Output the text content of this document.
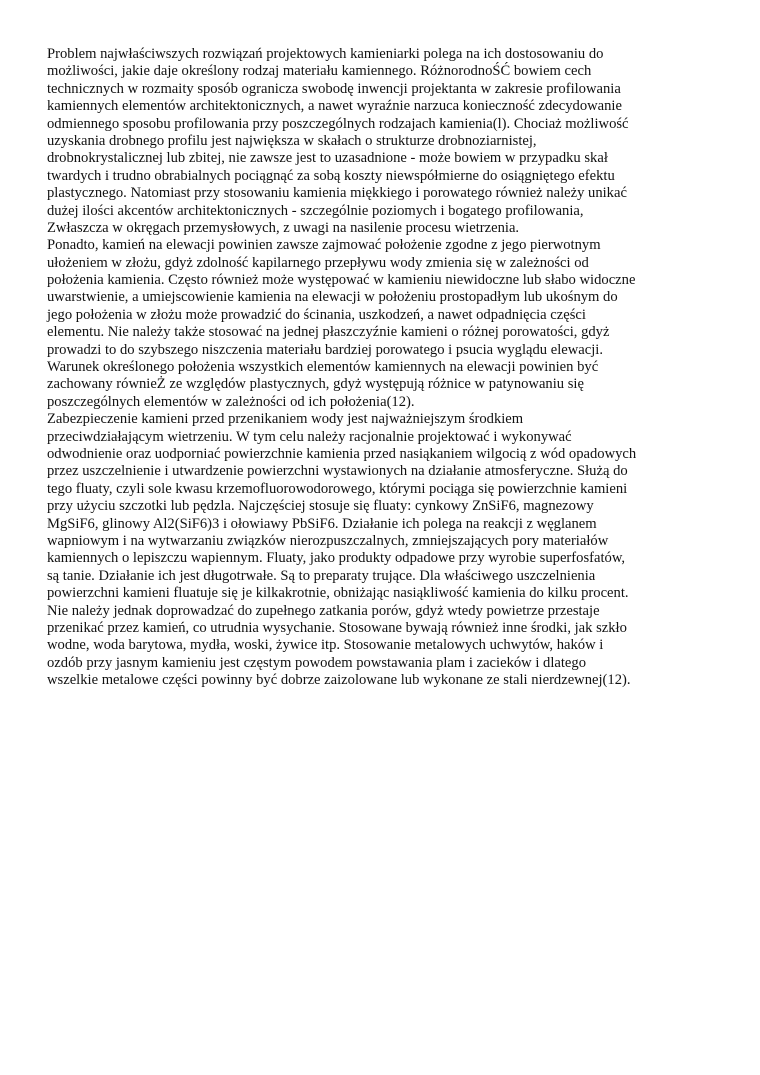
Problem najwłaściwszych rozwiązań projektowych kamieniarki polega na ich dostosowaniu do
możliwości, jakie daje określony rodzaj materiału kamiennego. RóżnorodnoŚĆ bowiem cech
technicznych w rozmaity sposób ogranicza swobodę inwencji projektanta w zakresie profilowania
kamiennych elementów architektonicznych, a nawet wyraźnie narzuca konieczność zdecydowanie
odmiennego sposobu profilowania przy poszczególnych rodzajach kamienia(l). Chociaż możliwość
uzyskania drobnego profilu jest największa w skałach o strukturze drobnoziarnistej,
drobnokrystalicznej lub zbitej, nie zawsze jest to uzasadnione - może bowiem w przypadku skał
twardych i trudno obrabialnych pociągnąć za sobą koszty niewspółmierne do osiągniętego efektu
plastycznego. Natomiast przy stosowaniu kamienia miękkiego i porowatego również należy unikać
dużej ilości akcentów architektonicznych - szczególnie poziomych i bogatego profilowania,
Zwłaszcza w okręgach przemysłowych, z uwagi na nasilenie procesu wietrzenia.
Ponadto, kamień na elewacji powinien zawsze zajmować położenie zgodne z jego pierwotnym
ułożeniem w złożu, gdyż zdolność kapilarnego przepływu wody zmienia się w zależności od
położenia kamienia. Często również może występować w kamieniu niewidoczne lub słabo widoczne
uwarstwienie, a umiejscowienie kamienia na elewacji w położeniu prostopadłym lub ukośnym do
jego położenia w złożu może prowadzić do ścinania, uszkodzeń, a nawet odpadnięcia części
elementu. Nie należy także stosować na jednej płaszczyźnie kamieni o różnej porowatości, gdyż
prowadzi to do szybszego niszczenia materiału bardziej porowatego i psucia wyglądu elewacji.
Warunek określonego położenia wszystkich elementów kamiennych na elewacji powinien być
zachowany równieŻ ze względów plastycznych, gdyż występują różnice w patynowaniu się
poszczególnych elementów w zależności od ich położenia(12).
Zabezpieczenie kamieni przed przenikaniem wody jest najważniejszym środkiem
przeciwdziałającym wietrzeniu. W tym celu należy racjonalnie projektować i wykonywać
odwodnienie oraz uodporniać powierzchnie kamienia przed nasiąkaniem wilgocią z wód opadowych
przez uszczelnienie i utwardzenie powierzchni wystawionych na działanie atmosferyczne. Służą do
tego fluaty, czyli sole kwasu krzemofluorowodorowego, którymi pociąga się powierzchnie kamieni
przy użyciu szczotki lub pędzla. Najczęściej stosuje się fluaty: cynkowy ZnSiF6, magnezowy
MgSiF6, glinowy Al2(SiF6)3 i ołowiawy PbSiF6. Działanie ich polega na reakcji z węglanem
wapniowym i na wytwarzaniu związków nierozpuszczalnych, zmniejszających pory materiałów
kamiennych o lepiszczu wapiennym. Fluaty, jako produkty odpadowe przy wyrobie superfosfatów,
są tanie. Działanie ich jest długotrwałe. Są to preparaty trujące. Dla właściwego uszczelnienia
powierzchni kamieni fluatuje się je kilkakrotnie, obniżając nasiąkliwość kamienia do kilku procent.
Nie należy jednak doprowadzać do zupełnego zatkania porów, gdyż wtedy powietrze przestaje
przenikać przez kamień, co utrudnia wysychanie. Stosowane bywają również inne środki, jak szkło
wodne, woda barytowa, mydła, woski, żywice itp. Stosowanie metalowych uchwytów, haków i
ozdób przy jasnym kamieniu jest częstym powodem powstawania plam i zacieków i dlatego
wszelkie metalowe części powinny być dobrze zaizolowane lub wykonane ze stali nierdzewnej(12).
